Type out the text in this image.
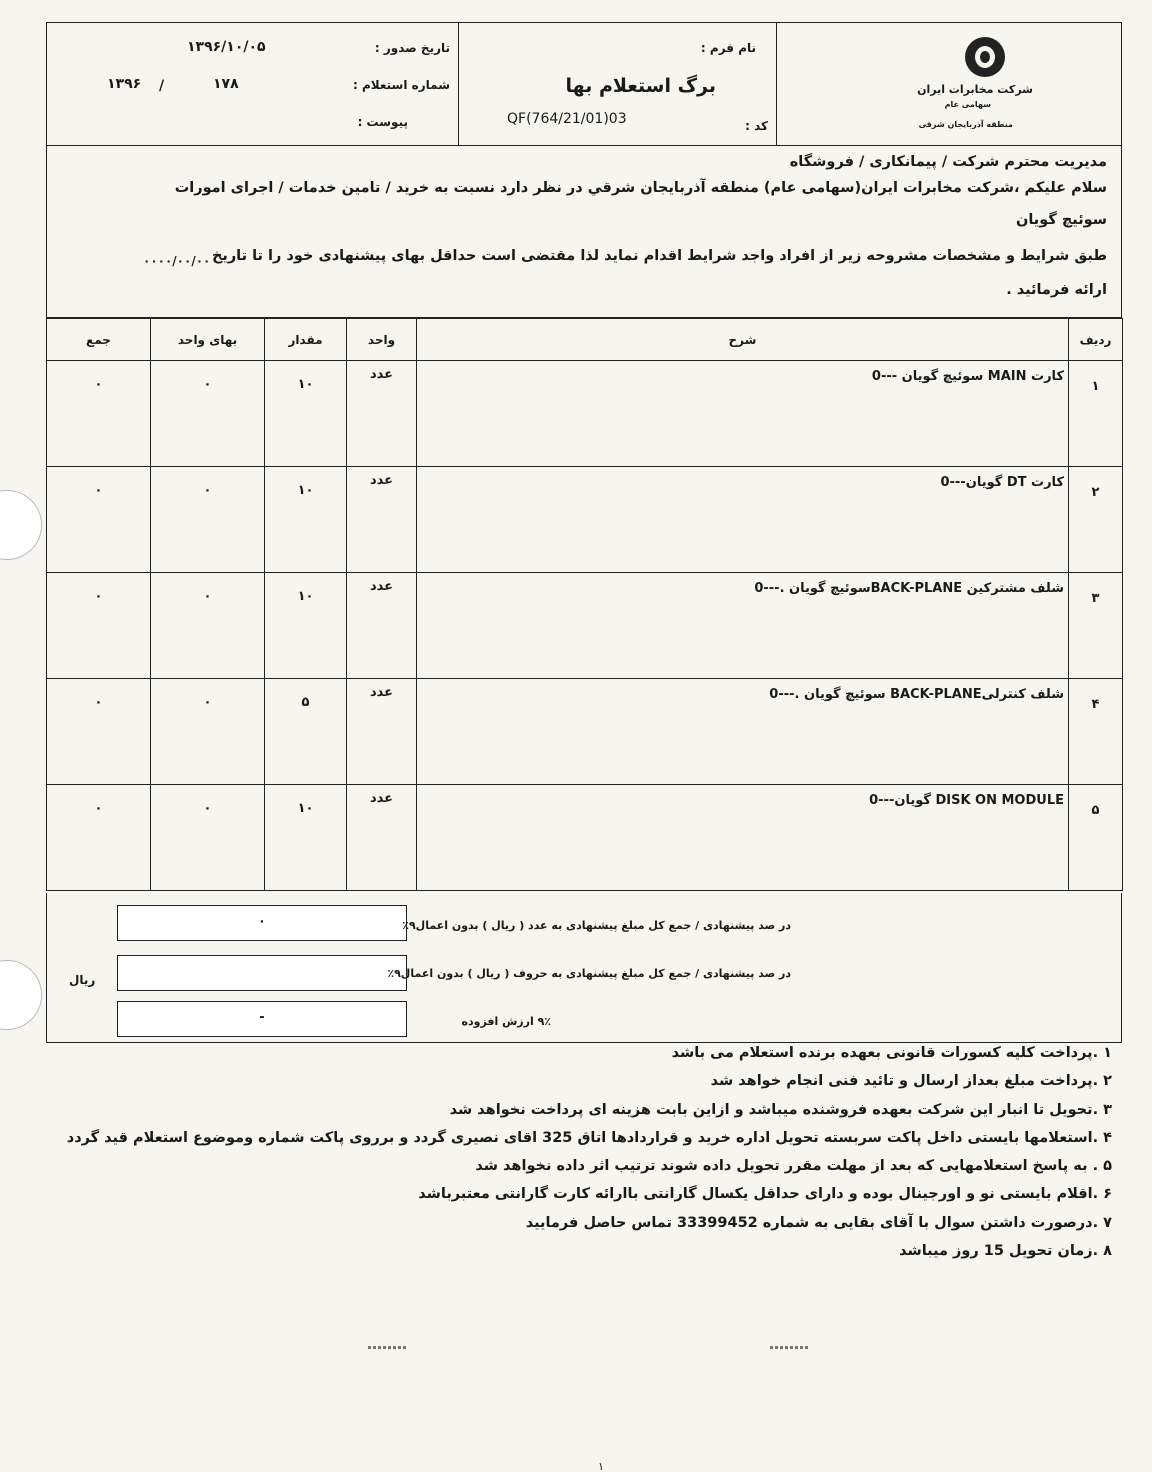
تاریخ صدور :
۱۳۹۶/۱۰/۰۵
شماره استعلام :
۱۷۸
/
۱۳۹۶
پیوست :
نام فرم :
برگ استعلام بها
QF(764/21/01)03	کد :
شرکت مخابرات ایران
سهامی عام
منطقه آذربایجان شرقی
مدیریت محترم شرکت / پیمانکاری / فروشگاه
سلام علیکم ،شرکت مخابرات ایران(سهامی عام) منطقه آذربایجان شرقي در نظر دارد نسبت به خرید / تامین خدمات / اجرای امورات
سوئیچ گویان
طبق شرایط و مشخصات مشروحه زیر از افراد واجد شرایط اقدام نماید لذا مقتضی است حداقل بهای پیشنهادی خود را تا تاریخ
۰۰۰۰/۰۰/۰۰
ارائه فرمائید .
جمع	بهای واحد	مقدار	واحد	شرح	ردیف
۰	۰	۱۰	عدد	کارت MAIN سوئیچ گویان ---0	۱
۰	۰	۱۰	عدد	کارت DT گویان---0	۲
۰	۰	۱۰	عدد	شلف مشترکین BACK-PLANEسوئیچ گویان .---0	۳
۰	۰	۵	عدد	شلف کنترلیBACK-PLANE سوئیچ گویان .---0	۴
۰	۰	۱۰	عدد	DISK ON MODULE گویان---0	۵
۰	در صد پیشنهادی / جمع کل مبلغ پیشنهادی به عدد ( ریال ) بدون اعمال۹٪
در صد پیشنهادی / جمع کل مبلغ پیشنهادی به حروف ( ریال ) بدون اعمال۹٪
ریال
-	۹٪ ارزش افزوده
۱ .پرداخت کلیه کسورات قانونی بعهده برنده استعلام می باشد
۲ .پرداخت مبلغ بعداز ارسال و تائید فنی انجام خواهد شد
۳ .تحویل تا انبار این شرکت بعهده فروشنده میباشد و ازاین بابت هزینه ای پرداخت نخواهد شد
۴ .استعلامها بایستی داخل پاکت سربسته تحویل اداره خرید و قراردادها اتاق 325 اقای نصیری گردد و برروی پاکت شماره وموضوع استعلام قید گردد
۵ . به پاسخ استعلامهایی که بعد از مهلت مقرر تحویل داده شوند ترتیب اثر داده نخواهد شد
۶ .اقلام بایستی نو و اورجینال بوده و دارای حداقل یکسال گارانتی باارائه کارت گارانتی معتبرباشد
۷ .درصورت داشتن سوال با آقای بقایی به شماره 33399452 تماس حاصل فرمایید
۸ .زمان تحویل 15 روز میباشد
۱
